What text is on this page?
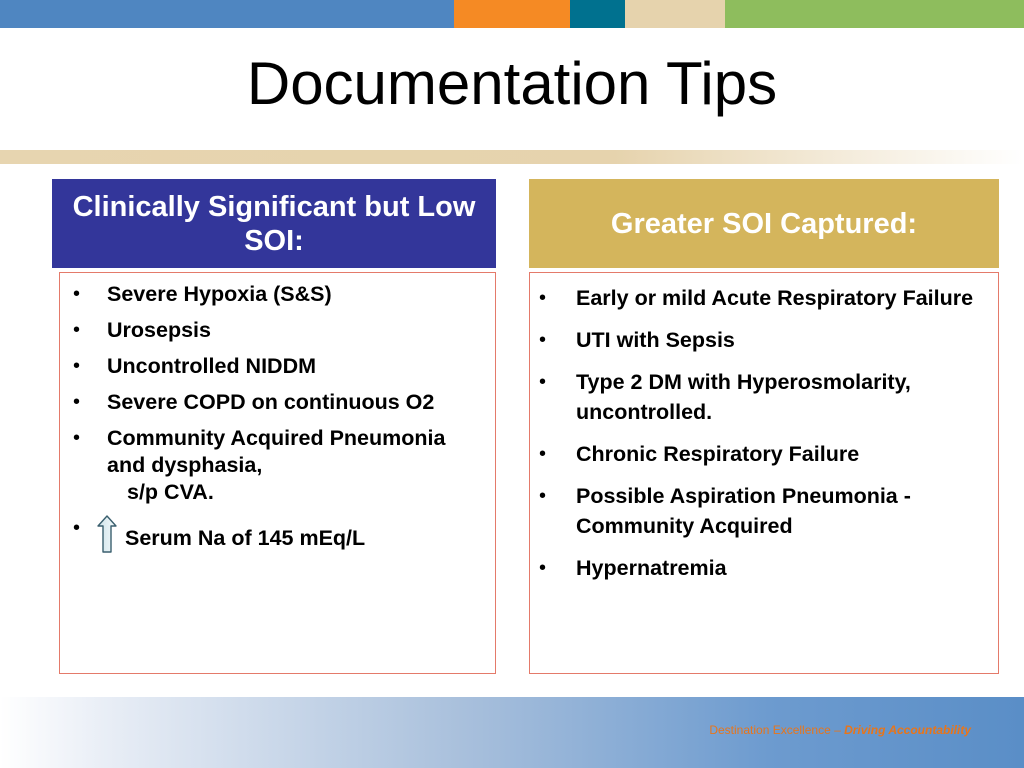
Documentation Tips
Clinically Significant but Low SOI:
• Severe Hypoxia (S&S)
• Urosepsis
• Uncontrolled NIDDM
• Severe COPD on continuous O2
• Community Acquired Pneumonia and dysphasia,
s/p CVA.
• Serum Na of 145 mEq/L
Greater SOI Captured:
• Early or mild Acute Respiratory Failure
• UTI with Sepsis
• Type 2 DM with Hyperosmolarity, uncontrolled.
• Chronic Respiratory Failure
• Possible Aspiration Pneumonia - Community Acquired
• Hypernatremia
Destination Excellence – Driving Accountability
